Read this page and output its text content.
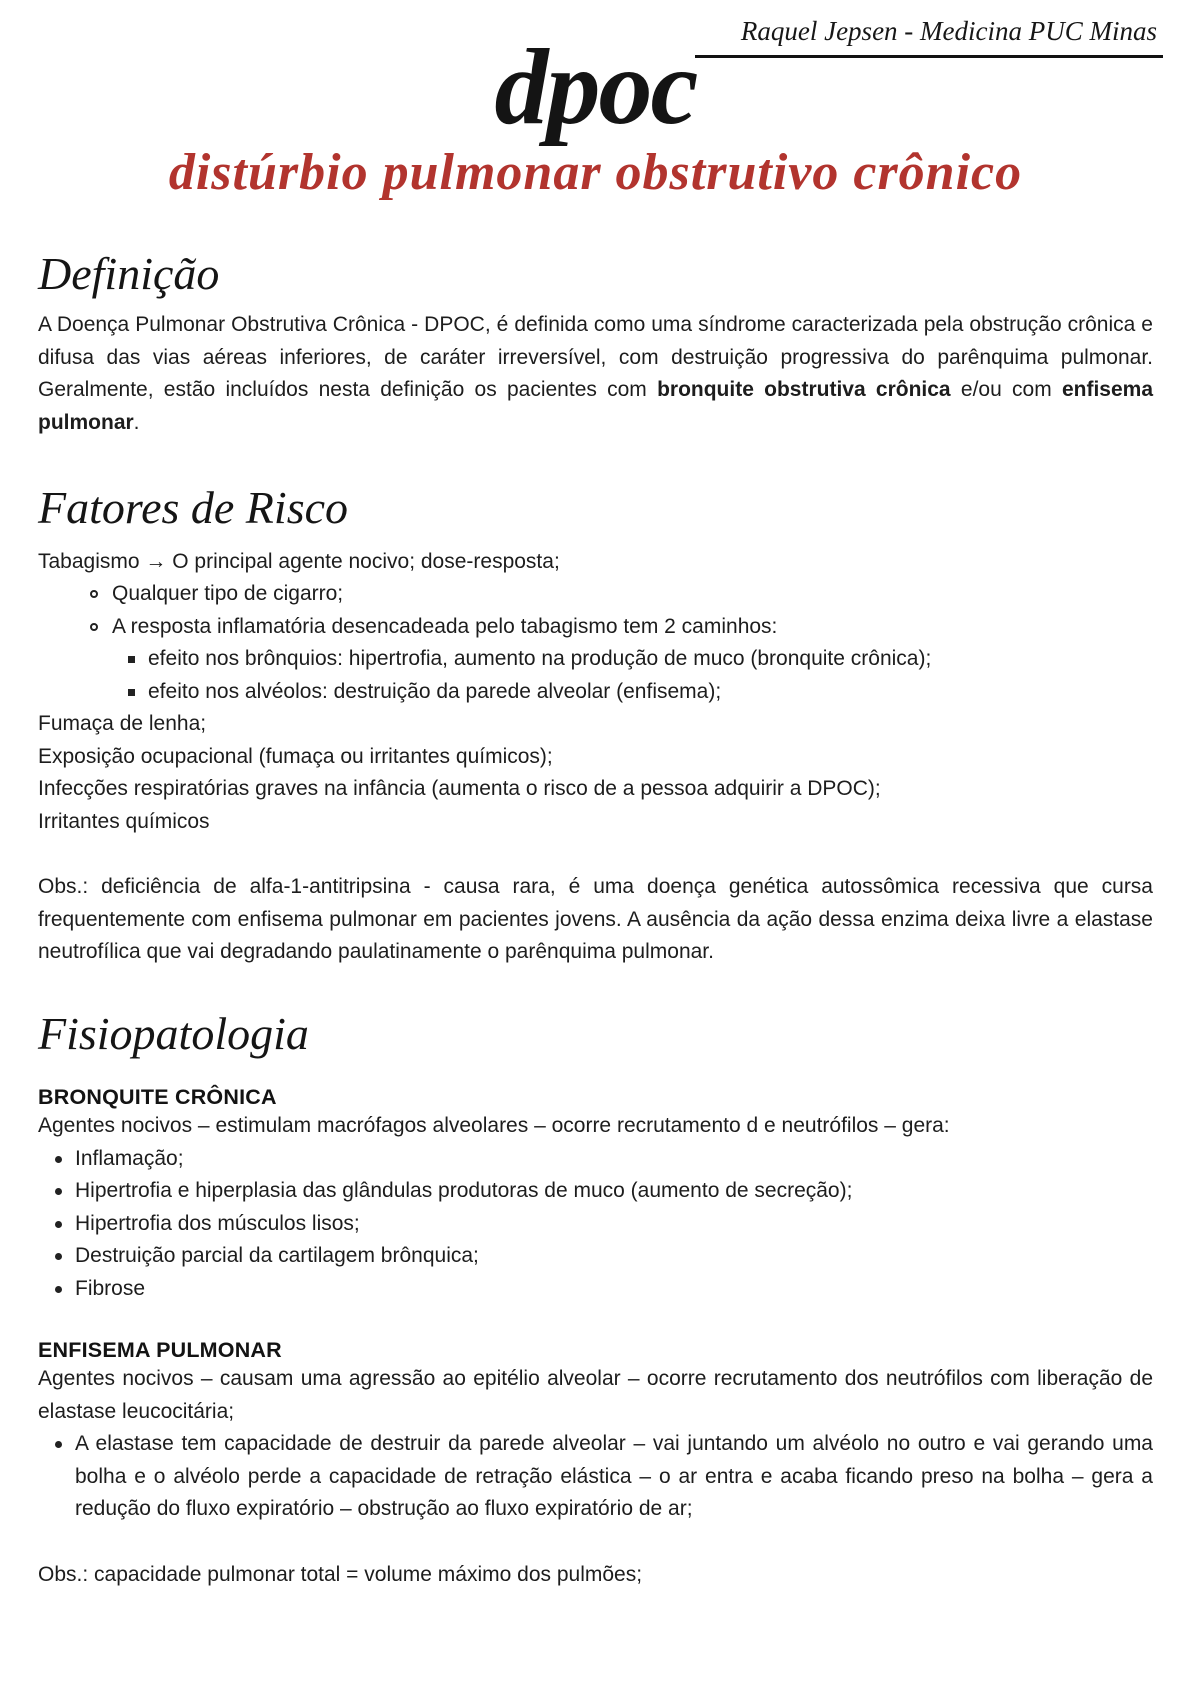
Raquel Jepsen - Medicina PUC Minas
dpoc
distúrbio pulmonar obstrutivo crônico
Definição

A Doença Pulmonar Obstrutiva Crônica - DPOC, é definida como uma síndrome caracterizada pela obstrução crônica e difusa das vias aéreas inferiores, de caráter irreversível, com destruição progressiva do parênquima pulmonar. Geralmente, estão incluídos nesta definição os pacientes com bronquite obstrutiva crônica e/ou com enfisema pulmonar.

Fatores de Risco
Tabagismo → O principal agente nocivo; dose-resposta;
Qualquer tipo de cigarro;
A resposta inflamatória desencadeada pelo tabagismo tem 2 caminhos:
efeito nos brônquios: hipertrofia, aumento na produção de muco (bronquite crônica);
efeito nos alvéolos: destruição da parede alveolar (enfisema);
Fumaça de lenha;
Exposição ocupacional (fumaça ou irritantes químicos);
Infecções respiratórias graves na infância (aumenta o risco de a pessoa adquirir a DPOC);
Irritantes químicos

Obs.: deficiência de alfa-1-antitripsina - causa rara, é uma doença genética autossômica recessiva que cursa frequentemente com enfisema pulmonar em pacientes jovens. A ausência da ação dessa enzima deixa livre a elastase neutrofílica que vai degradando paulatinamente o parênquima pulmonar.

Fisiopatologia
BRONQUITE CRÔNICA
Agentes nocivos – estimulam macrófagos alveolares – ocorre recrutamento d e neutrófilos – gera:
Inflamação;
Hipertrofia e hiperplasia das glândulas produtoras de muco (aumento de secreção);
Hipertrofia dos músculos lisos;
Destruição parcial da cartilagem brônquica;
Fibrose
ENFISEMA PULMONAR
Agentes nocivos – causam uma agressão ao epitélio alveolar – ocorre recrutamento dos neutrófilos com liberação de elastase leucocitária;
A elastase tem capacidade de destruir da parede alveolar – vai juntando um alvéolo no outro e vai gerando uma bolha e o alvéolo perde a capacidade de retração elástica – o ar entra e acaba ficando preso na bolha – gera a redução do fluxo expiratório – obstrução ao fluxo expiratório de ar;
Obs.: capacidade pulmonar total = volume máximo dos pulmões;
